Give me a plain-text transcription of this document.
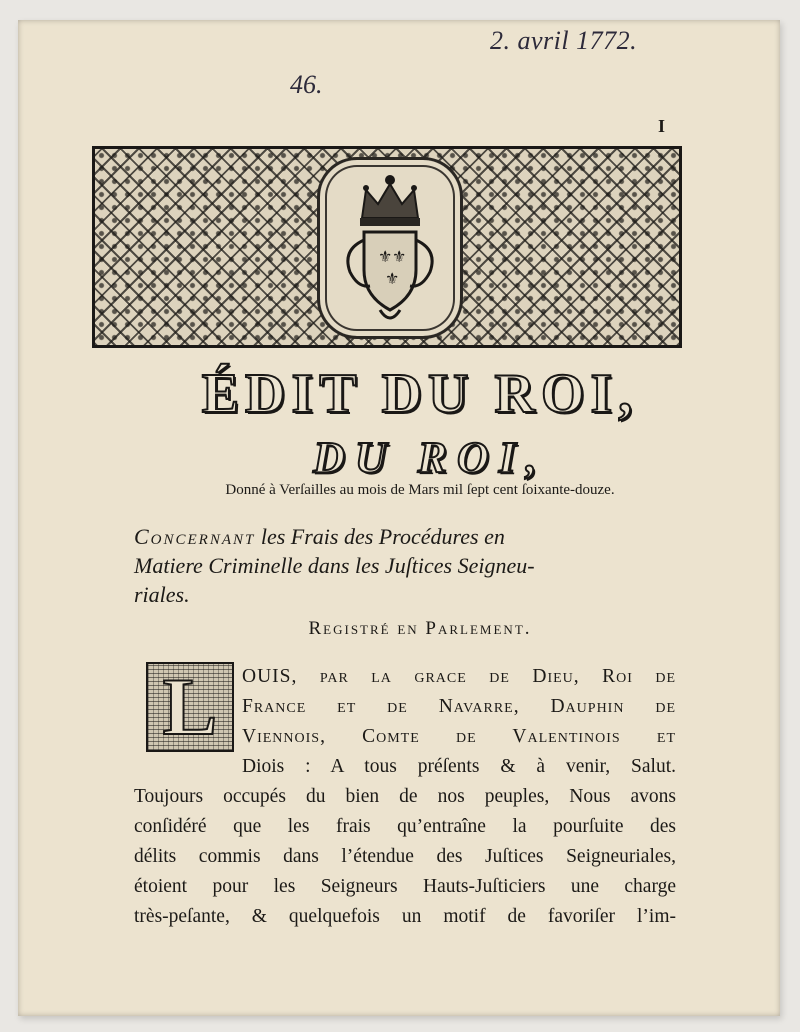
2. avril 1772.
46.
I
⚜ ⚜
⚜
ÉDIT DU ROI,
DU ROI,
Donné à Verſailles au mois de Mars mil ſept cent ſoixante-douze.
Concernant les Frais des Procédures en
Matiere Criminelle dans les Juſtices Seigneu-
riales.
Registré en Parlement.
L	OUIS, par la grace de Dieu, Roi de
France et de Navarre, Dauphin de
Viennois, Comte de Valentinois et
Diois : A tous préſents & à venir, Salut.
Toujours occupés du bien de nos peuples, Nous avons
conſidéré que les frais qu’entraîne la pourſuite des
délits commis dans l’étendue des Juſtices Seigneuriales,
étoient pour les Seigneurs Hauts-Juſticiers une charge
très-peſante, & quelquefois un motif de favoriſer l’im-
